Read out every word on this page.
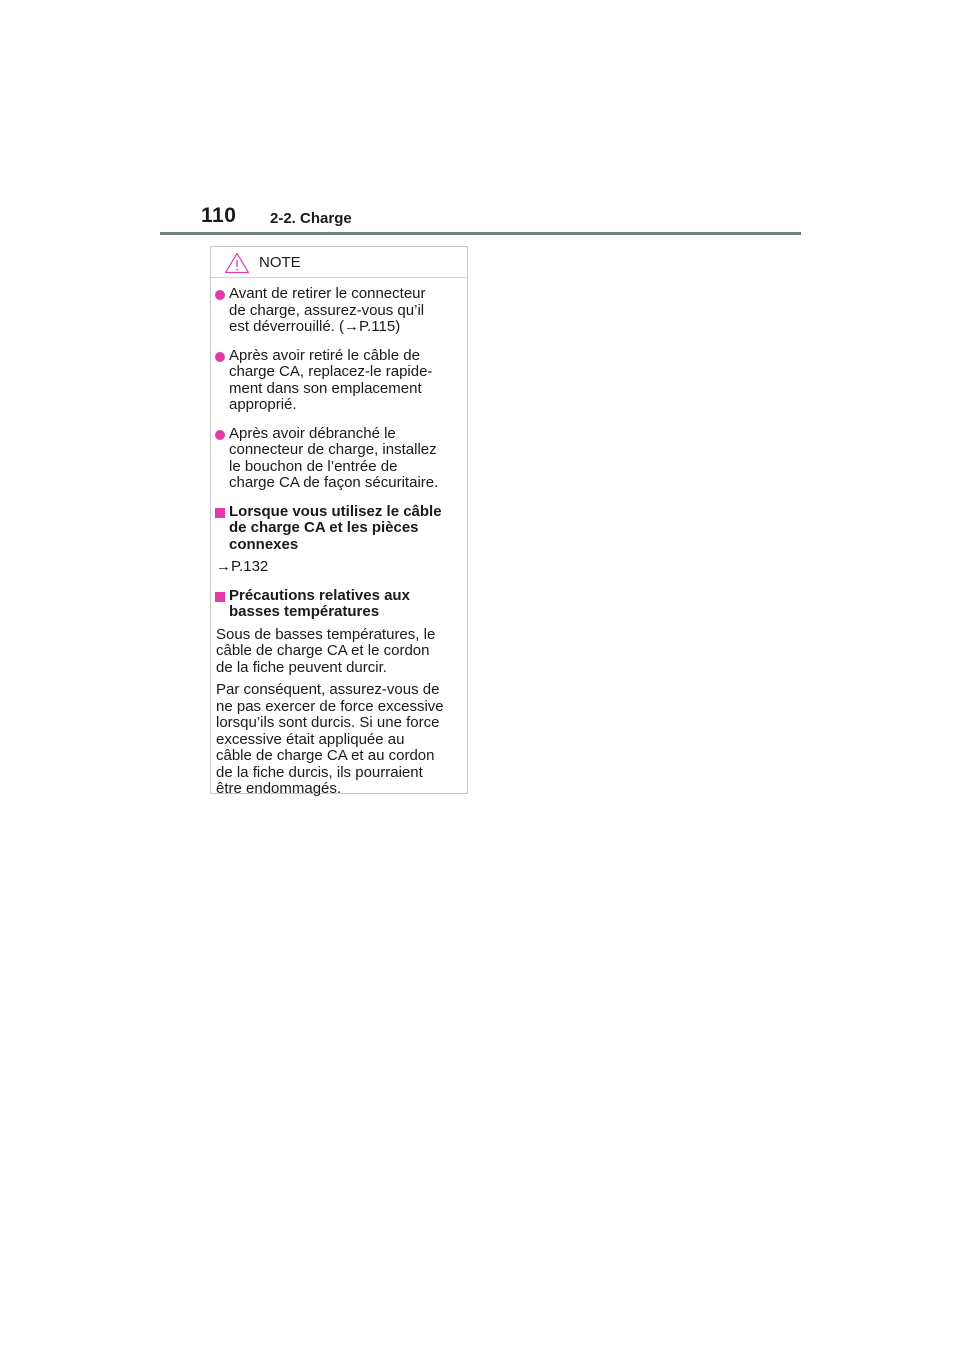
110 2-2. Charge
NOTE
Avant de retirer le connecteur
de charge, assurez-vous qu’il
est déverrouillé. (→P.115)
Après avoir retiré le câble de
charge CA, replacez-le rapide-
ment dans son emplacement
approprié.
Après avoir débranché le
connecteur de charge, installez
le bouchon de l’entrée de
charge CA de façon sécuritaire.
Lorsque vous utilisez le câble
de charge CA et les pièces
connexes
→P.132
Précautions relatives aux
basses températures
Sous de basses températures, le
câble de charge CA et le cordon
de la fiche peuvent durcir.
Par conséquent, assurez-vous de
ne pas exercer de force excessive
lorsqu’ils sont durcis. Si une force
excessive était appliquée au
câble de charge CA et au cordon
de la fiche durcis, ils pourraient
être endommagés.
